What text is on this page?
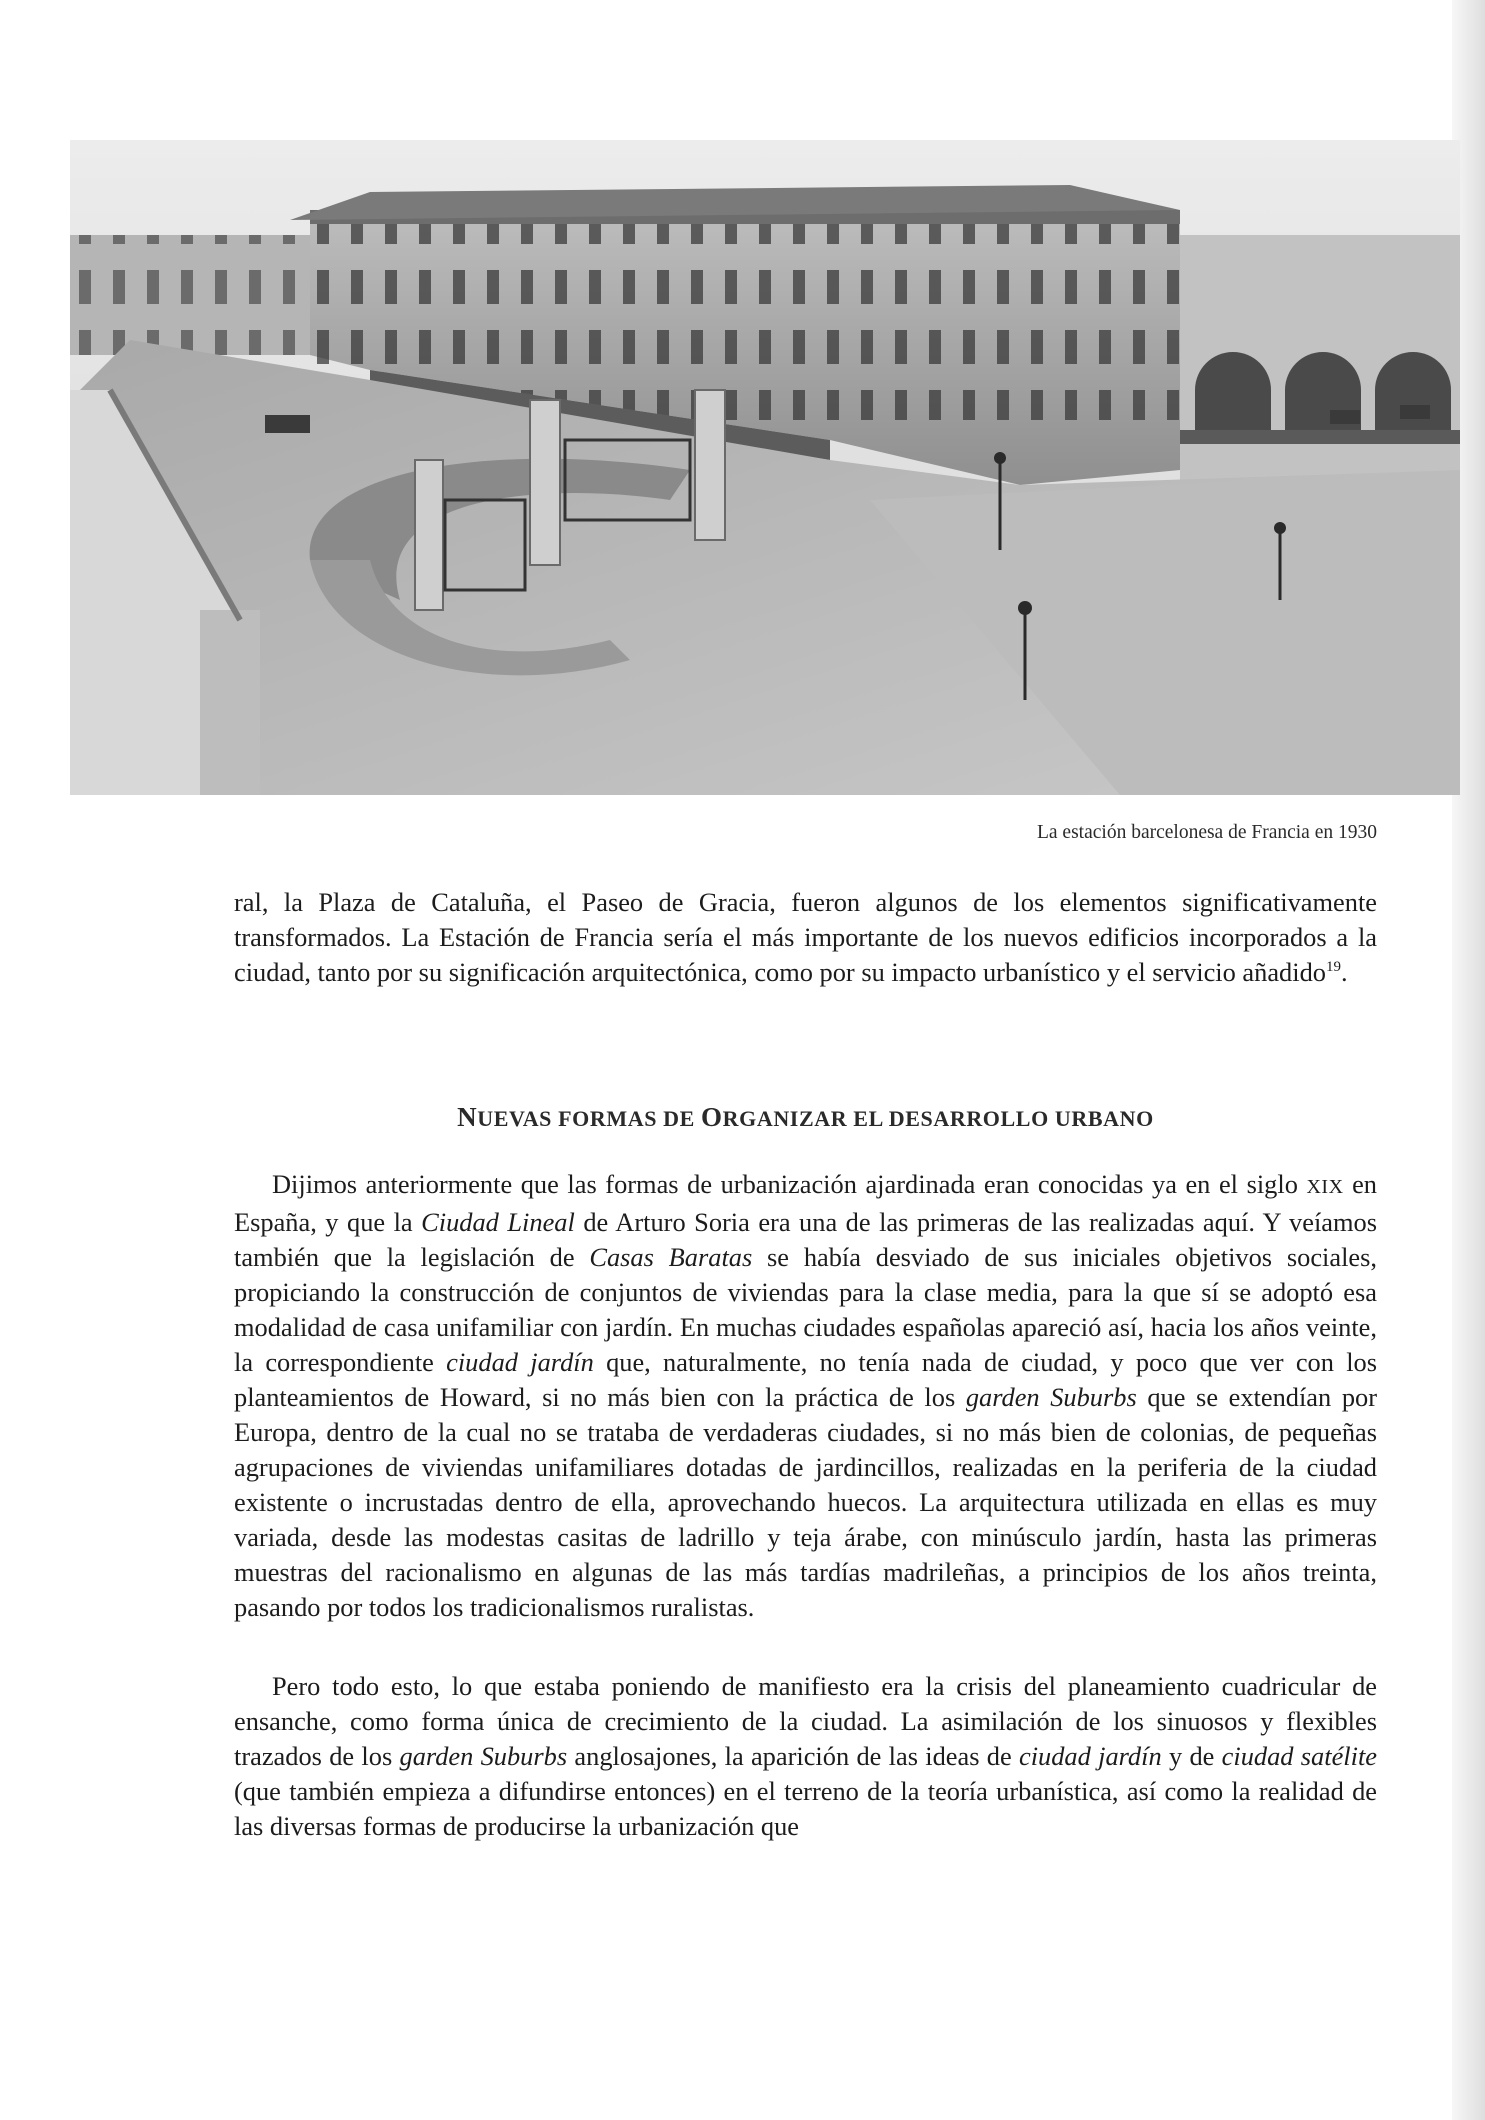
La estación barcelonesa de Francia en 1930

ral, la Plaza de Cataluña, el Paseo de Gracia, fueron algunos de los elementos significativamente transformados. La Estación de Francia sería el más importante de los nuevos edificios incorporados a la ciudad, tanto por su significación arquitectónica, como por su impacto urbanístico y el servicio añadido$^{19}$.

NUEVAS FORMAS DE ORGANIZAR EL DESARROLLO URBANO

Dijimos anteriormente que las formas de urbanización ajardinada eran conocidas ya en el siglo XIX en España, y que la Ciudad Lineal de Arturo Soria era una de las primeras de las realizadas aquí. Y veíamos también que la legislación de Casas Baratas se había desviado de sus iniciales objetivos sociales, propiciando la construcción de conjuntos de viviendas para la clase media, para la que sí se adoptó esa modalidad de casa unifamiliar con jardín. En muchas ciudades españolas apareció así, hacia los años veinte, la correspondiente ciudad jardín que, naturalmente, no tenía nada de ciudad, y poco que ver con los planteamientos de Howard, si no más bien con la práctica de los garden Suburbs que se extendían por Europa, dentro de la cual no se trataba de verdaderas ciudades, si no más bien de colonias, de pequeñas agrupaciones de viviendas unifamiliares dotadas de jardincillos, realizadas en la periferia de la ciudad existente o incrustadas dentro de ella, aprovechando huecos. La arquitectura utilizada en ellas es muy variada, desde las modestas casitas de ladrillo y teja árabe, con minúsculo jardín, hasta las primeras muestras del racionalismo en algunas de las más tardías madrileñas, a principios de los años treinta, pasando por todos los tradicionalismos ruralistas.

Pero todo esto, lo que estaba poniendo de manifiesto era la crisis del planeamiento cuadricular de ensanche, como forma única de crecimiento de la ciudad. La asimilación de los sinuosos y flexibles trazados de los garden Suburbs anglosajones, la aparición de las ideas de ciudad jardín y de ciudad satélite (que también empieza a difundirse entonces) en el terreno de la teoría urbanística, así como la realidad de las diversas formas de producirse la urbanización que
